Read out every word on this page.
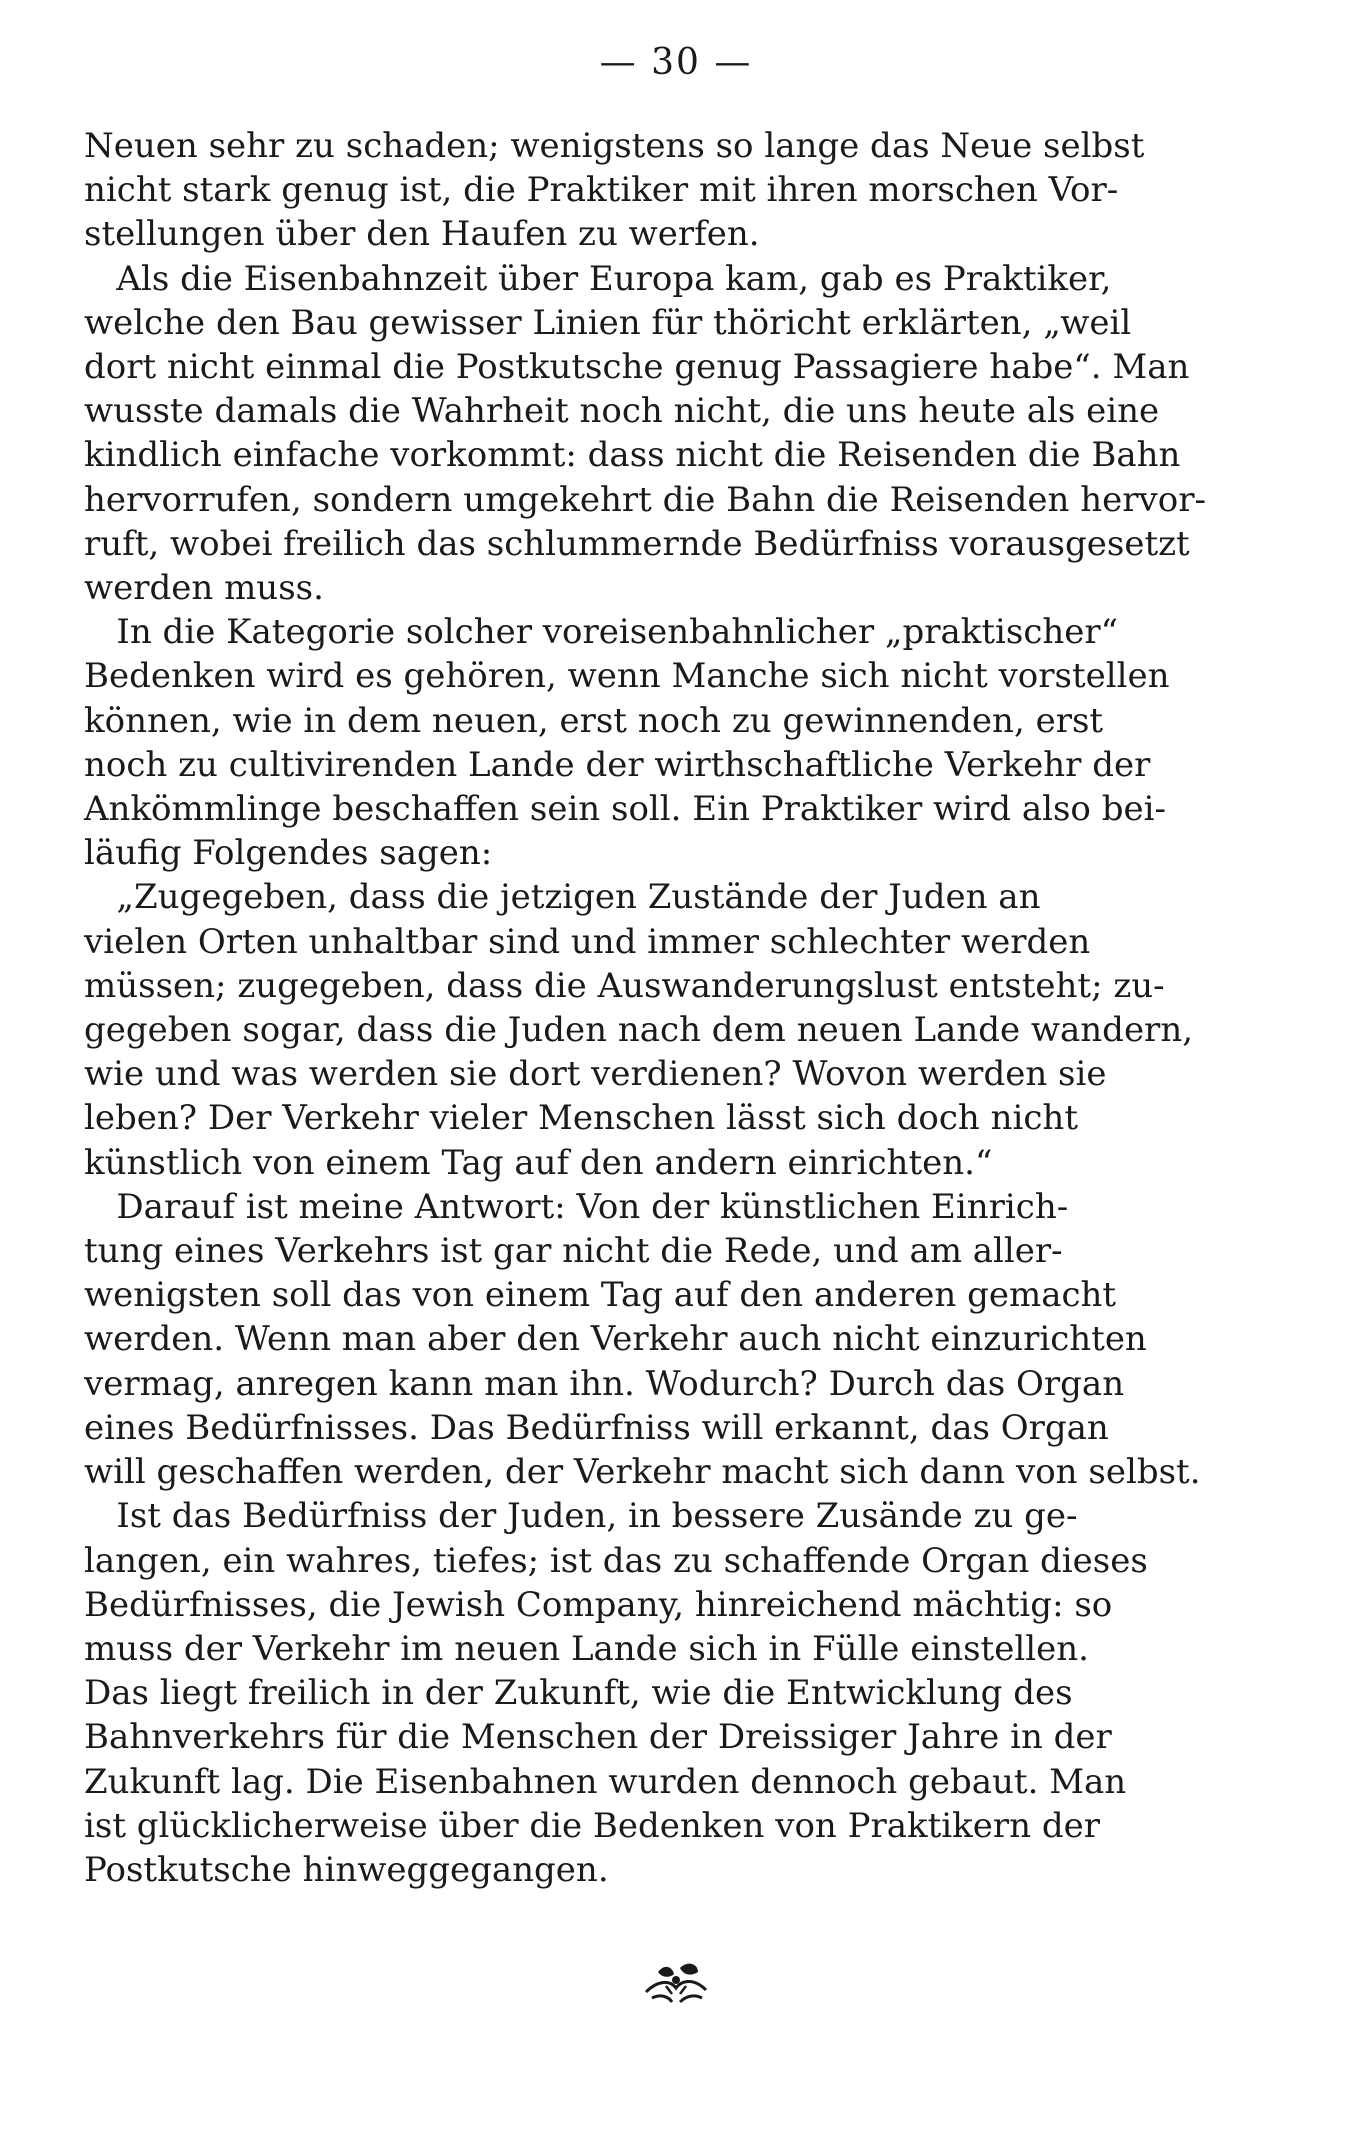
— 30 —
Neuen sehr zu schaden; wenigstens so lange das Neue selbst
nicht stark genug ist, die Praktiker mit ihren morschen Vor-
stellungen über den Haufen zu werfen.
Als die Eisenbahnzeit über Europa kam, gab es Praktiker,
welche den Bau gewisser Linien für thöricht erklärten, „weil
dort nicht einmal die Postkutsche genug Passagiere habe“. Man
wusste damals die Wahrheit noch nicht, die uns heute als eine
kindlich einfache vorkommt: dass nicht die Reisenden die Bahn
hervorrufen, sondern umgekehrt die Bahn die Reisenden hervor-
ruft, wobei freilich das schlummernde Bedürfniss vorausgesetzt
werden muss.
In die Kategorie solcher voreisenbahnlicher „praktischer“
Bedenken wird es gehören, wenn Manche sich nicht vorstellen
können, wie in dem neuen, erst noch zu gewinnenden, erst
noch zu cultivirenden Lande der wirthschaftliche Verkehr der
Ankömmlinge beschaffen sein soll. Ein Praktiker wird also bei-
läufig Folgendes sagen:
„Zugegeben, dass die jetzigen Zustände der Juden an
vielen Orten unhaltbar sind und immer schlechter werden
müssen; zugegeben, dass die Auswanderungslust entsteht; zu-
gegeben sogar, dass die Juden nach dem neuen Lande wandern,
wie und was werden sie dort verdienen? Wovon werden sie
leben? Der Verkehr vieler Menschen lässt sich doch nicht
künstlich von einem Tag auf den andern einrichten.“
Darauf ist meine Antwort: Von der künstlichen Einrich-
tung eines Verkehrs ist gar nicht die Rede, und am aller-
wenigsten soll das von einem Tag auf den anderen gemacht
werden. Wenn man aber den Verkehr auch nicht einzurichten
vermag, anregen kann man ihn. Wodurch? Durch das Organ
eines Bedürfnisses. Das Bedürfniss will erkannt, das Organ
will geschaffen werden, der Verkehr macht sich dann von selbst.
Ist das Bedürfniss der Juden, in bessere Zusände zu ge-
langen, ein wahres, tiefes; ist das zu schaffende Organ dieses
Bedürfnisses, die Jewish Company, hinreichend mächtig: so
muss der Verkehr im neuen Lande sich in Fülle einstellen.
Das liegt freilich in der Zukunft, wie die Entwicklung des
Bahnverkehrs für die Menschen der Dreissiger Jahre in der
Zukunft lag. Die Eisenbahnen wurden dennoch gebaut. Man
ist glücklicherweise über die Bedenken von Praktikern der
Postkutsche hinweggegangen.
